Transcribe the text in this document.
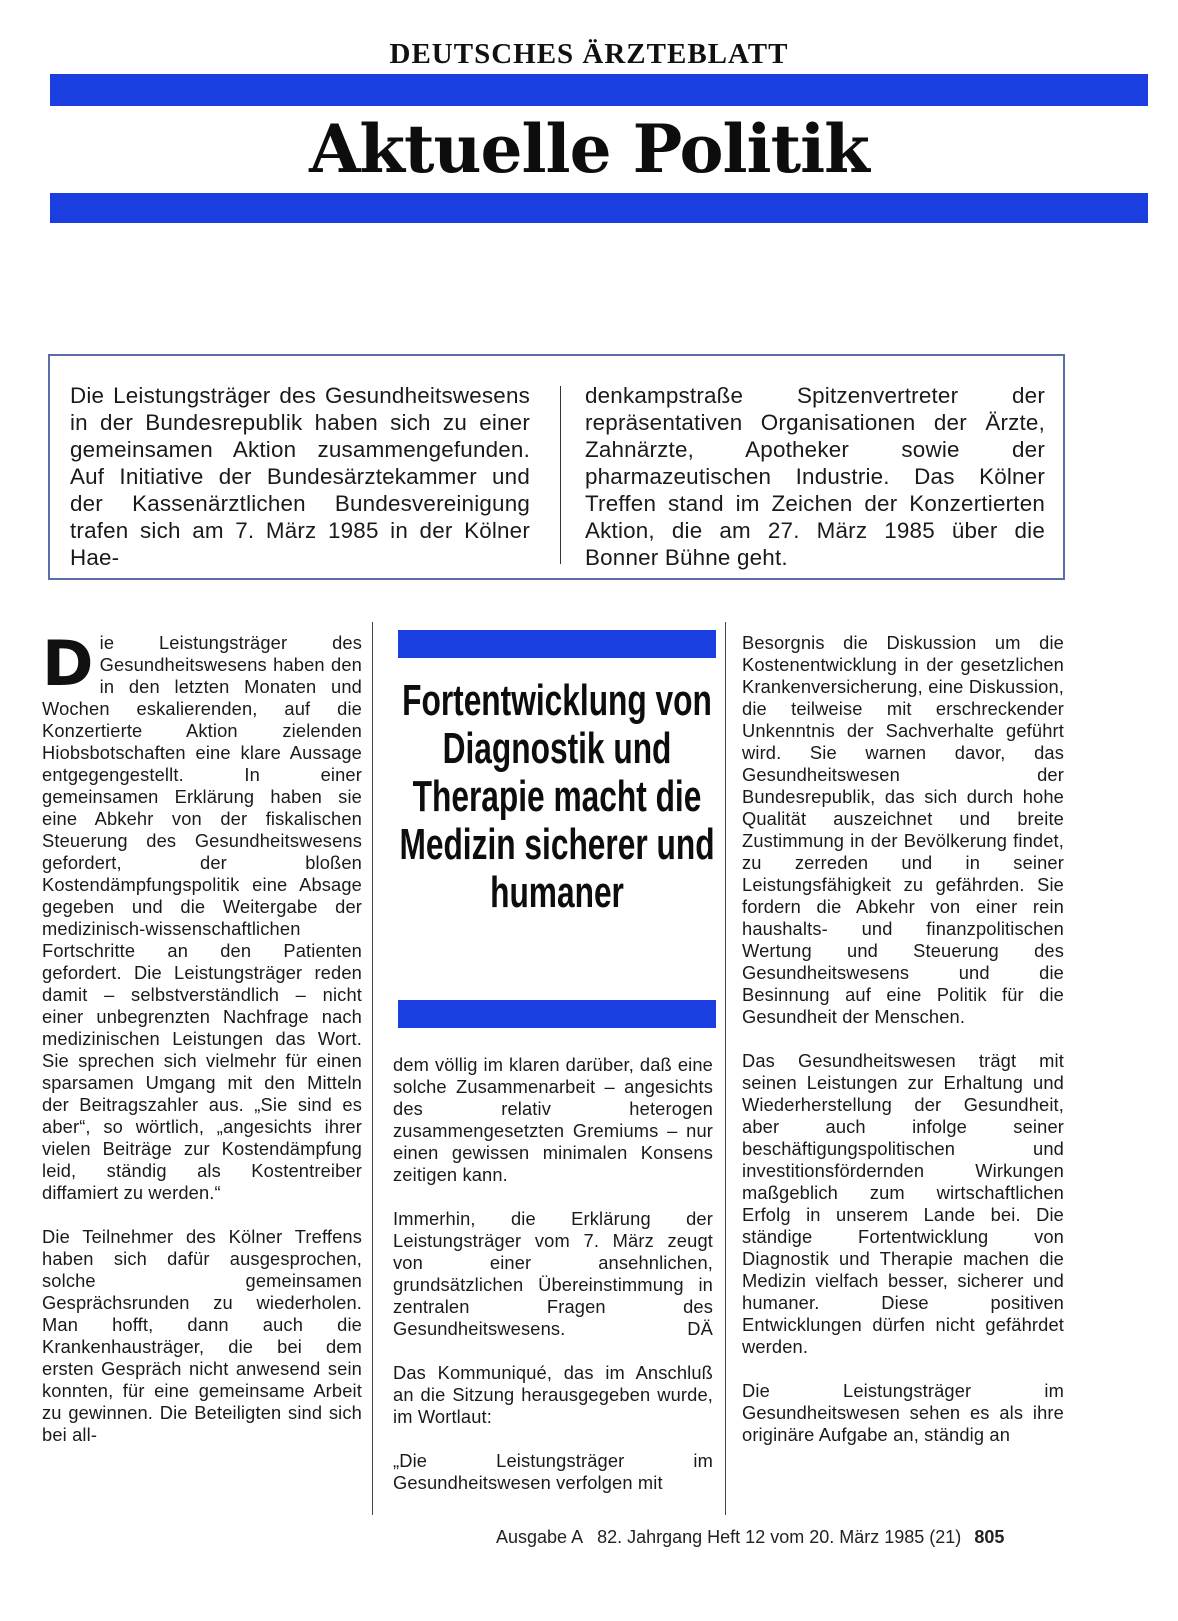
DEUTSCHES ÄRZTEBLATT
Aktuelle Politik
Die Leistungsträger des Gesundheitswesens in der Bundesrepublik haben sich zu einer gemeinsamen Aktion zusammengefunden. Auf Initiative der Bundesärztekammer und der Kassenärztlichen Bundesvereinigung trafen sich am 7. März 1985 in der Kölner Hae-
denkampstraße Spitzenvertreter der repräsentativen Organisationen der Ärzte, Zahnärzte, Apotheker sowie der pharmazeutischen Industrie. Das Kölner Treffen stand im Zeichen der Konzertierten Aktion, die am 27. März 1985 über die Bonner Bühne geht.

Die Leistungsträger des Gesundheitswesens haben den in den letzten Monaten und Wochen eskalierenden, auf die Konzertierte Aktion zielenden Hiobsbotschaften eine klare Aussage entgegengestellt. In einer gemeinsamen Erklärung haben sie eine Abkehr von der fiskalischen Steuerung des Gesundheitswesens gefordert, der bloßen Kostendämpfungspolitik eine Absage gegeben und die Weitergabe der medizinisch-wissenschaftlichen Fortschritte an den Patienten gefordert. Die Leistungsträger reden damit – selbstverständlich – nicht einer unbegrenzten Nachfrage nach medizinischen Leistungen das Wort. Sie sprechen sich vielmehr für einen sparsamen Umgang mit den Mitteln der Beitragszahler aus. „Sie sind es aber“, so wörtlich, „angesichts ihrer vielen Beiträge zur Kostendämpfung leid, ständig als Kostentreiber diffamiert zu werden.“

Die Teilnehmer des Kölner Treffens haben sich dafür ausgesprochen, solche gemeinsamen Gesprächsrunden zu wiederholen. Man hofft, dann auch die Krankenhausträger, die bei dem ersten Gespräch nicht anwesend sein konnten, für eine gemeinsame Arbeit zu gewinnen. Die Beteiligten sind sich bei all-

Fortentwicklung von Diagnostik und Therapie macht die Medizin sicherer und humaner

dem völlig im klaren darüber, daß eine solche Zusammenarbeit – angesichts des relativ heterogen zusammengesetzten Gremiums – nur einen gewissen minimalen Konsens zeitigen kann.

Immerhin, die Erklärung der Leistungsträger vom 7. März zeugt von einer ansehnlichen, grundsätzlichen Übereinstimmung in zentralen Fragen des Gesundheitswesens.	DÄ

Das Kommuniqué, das im Anschluß an die Sitzung herausgegeben wurde, im Wortlaut:

„Die Leistungsträger im Gesundheitswesen verfolgen mit

Besorgnis die Diskussion um die Kostenentwicklung in der gesetzlichen Krankenversicherung, eine Diskussion, die teilweise mit erschreckender Unkenntnis der Sachverhalte geführt wird. Sie warnen davor, das Gesundheitswesen der Bundesrepublik, das sich durch hohe Qualität auszeichnet und breite Zustimmung in der Bevölkerung findet, zu zerreden und in seiner Leistungsfähigkeit zu gefährden. Sie fordern die Abkehr von einer rein haushalts- und finanzpolitischen Wertung und Steuerung des Gesundheitswesens und die Besinnung auf eine Politik für die Gesundheit der Menschen.

Das Gesundheitswesen trägt mit seinen Leistungen zur Erhaltung und Wiederherstellung der Gesundheit, aber auch infolge seiner beschäftigungspolitischen und investitionsfördernden Wirkungen maßgeblich zum wirtschaftlichen Erfolg in unserem Lande bei. Die ständige Fortentwicklung von Diagnostik und Therapie machen die Medizin vielfach besser, sicherer und humaner. Diese positiven Entwicklungen dürfen nicht gefährdet werden.

Die Leistungsträger im Gesundheitswesen sehen es als ihre originäre Aufgabe an, ständig an

Ausgabe A   82. Jahrgang Heft 12 vom 20. März 1985 (21) 805
